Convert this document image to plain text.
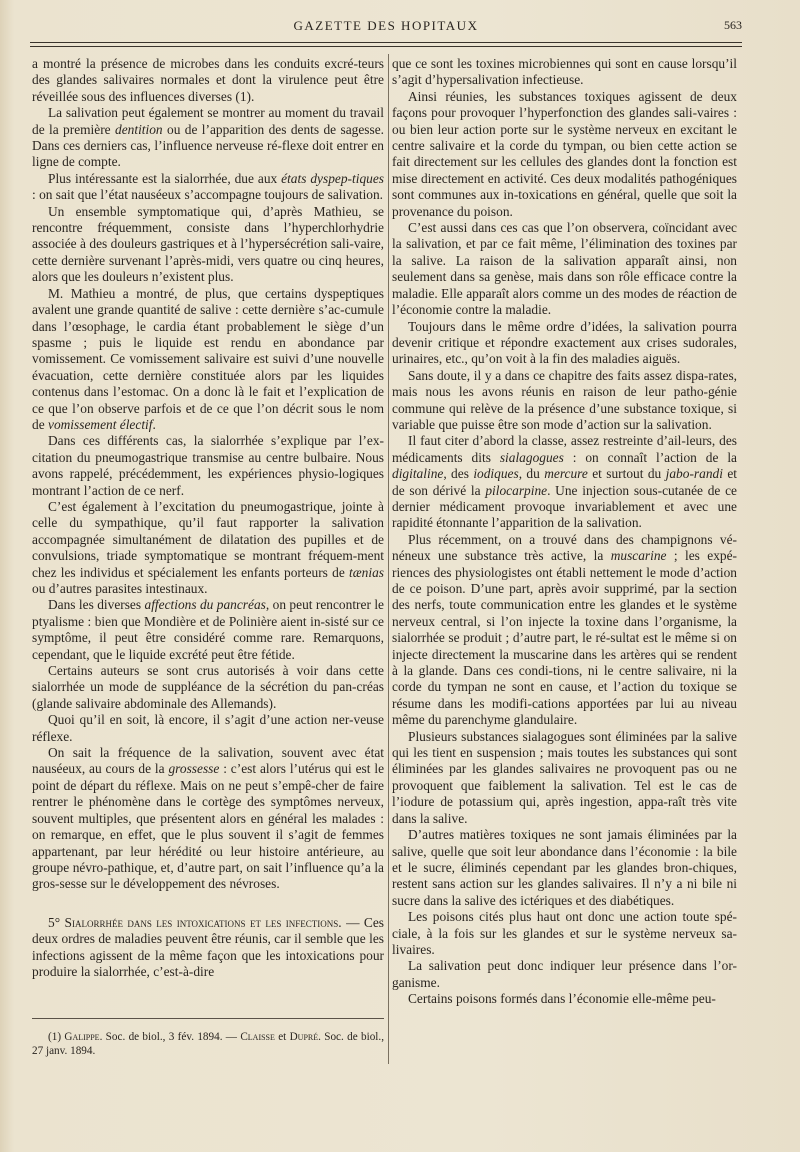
GAZETTE DES HOPITAUX	563

a montré la présence de microbes dans les conduits excré-teurs des glandes salivaires normales et dont la virulence peut être réveillée sous des influences diverses (1).

La salivation peut également se montrer au moment du travail de la première dentition ou de l’apparition des dents de sagesse. Dans ces derniers cas, l’influence nerveuse ré-flexe doit entrer en ligne de compte.

Plus intéressante est la sialorrhée, due aux états dyspep-tiques : on sait que l’état nauséeux s’accompagne toujours de salivation.

Un ensemble symptomatique qui, d’après Mathieu, se rencontre fréquemment, consiste dans l’hyperchlorhydrie associée à des douleurs gastriques et à l’hypersécrétion sali-vaire, cette dernière survenant l’après-midi, vers quatre ou cinq heures, alors que les douleurs n’existent plus.

M. Mathieu a montré, de plus, que certains dyspeptiques avalent une grande quantité de salive : cette dernière s’ac-cumule dans l’œsophage, le cardia étant probablement le siège d’un spasme ; puis le liquide est rendu en abondance par vomissement. Ce vomissement salivaire est suivi d’une nouvelle évacuation, cette dernière constituée alors par les liquides contenus dans l’estomac. On a donc là le fait et l’explication de ce que l’on observe parfois et de ce que l’on décrit sous le nom de vomissement électif.

Dans ces différents cas, la sialorrhée s’explique par l’ex-citation du pneumogastrique transmise au centre bulbaire. Nous avons rappelé, précédemment, les expériences physio-logiques montrant l’action de ce nerf.

C’est également à l’excitation du pneumogastrique, jointe à celle du sympathique, qu’il faut rapporter la salivation accompagnée simultanément de dilatation des pupilles et de convulsions, triade symptomatique se montrant fréquem-ment chez les individus et spécialement les enfants porteurs de tænias ou d’autres parasites intestinaux.

Dans les diverses affections du pancréas, on peut rencontrer le ptyalisme : bien que Mondière et de Polinière aient in-sisté sur ce symptôme, il peut être considéré comme rare. Remarquons, cependant, que le liquide excrété peut être fétide.

Certains auteurs se sont crus autorisés à voir dans cette sialorrhée un mode de suppléance de la sécrétion du pan-créas (glande salivaire abdominale des Allemands).

Quoi qu’il en soit, là encore, il s’agit d’une action ner-veuse réflexe.

On sait la fréquence de la salivation, souvent avec état nauséeux, au cours de la grossesse : c’est alors l’utérus qui est le point de départ du réflexe. Mais on ne peut s’empê-cher de faire rentrer le phénomène dans le cortège des symptômes nerveux, souvent multiples, que présentent alors en général les malades : on remarque, en effet, que le plus souvent il s’agit de femmes appartenant, par leur hérédité ou leur histoire antérieure, au groupe névro-pathique, et, d’autre part, on sait l’influence qu’a la gros-sesse sur le développement des névroses.

5° Sialorrhée dans les intoxications et les infections. — Ces deux ordres de maladies peuvent être réunis, car il semble que les infections agissent de la même façon que les intoxications pour produire la sialorrhée, c’est-à-dire

(1) Galippe. Soc. de biol., 3 fév. 1894. — Claisse et Dupré. Soc. de biol., 27 janv. 1894.

que ce sont les toxines microbiennes qui sont en cause lorsqu’il s’agit d’hypersalivation infectieuse.

Ainsi réunies, les substances toxiques agissent de deux façons pour provoquer l’hyperfonction des glandes sali-vaires : ou bien leur action porte sur le système nerveux en excitant le centre salivaire et la corde du tympan, ou bien cette action se fait directement sur les cellules des glandes dont la fonction est mise directement en activité. Ces deux modalités pathogéniques sont communes aux in-toxications en général, quelle que soit la provenance du poison.

C’est aussi dans ces cas que l’on observera, coïncidant avec la salivation, et par ce fait même, l’élimination des toxines par la salive. La raison de la salivation apparaît ainsi, non seulement dans sa genèse, mais dans son rôle efficace contre la maladie. Elle apparaît alors comme un des modes de réaction de l’économie contre la maladie.

Toujours dans le même ordre d’idées, la salivation pourra devenir critique et répondre exactement aux crises sudorales, urinaires, etc., qu’on voit à la fin des maladies aiguës.

Sans doute, il y a dans ce chapitre des faits assez dispa-rates, mais nous les avons réunis en raison de leur patho-génie commune qui relève de la présence d’une substance toxique, si variable que puisse être son mode d’action sur la salivation.

Il faut citer d’abord la classe, assez restreinte d’ail-leurs, des médicaments dits sialagogues : on connaît l’action de la digitaline, des iodiques, du mercure et surtout du jabo-randi et de son dérivé la pilocarpine. Une injection sous-cutanée de ce dernier médicament provoque invariablement et avec une rapidité étonnante l’apparition de la salivation.

Plus récemment, on a trouvé dans des champignons vé-néneux une substance très active, la muscarine ; les expé-riences des physiologistes ont établi nettement le mode d’action de ce poison. D’une part, après avoir supprimé, par la section des nerfs, toute communication entre les glandes et le système nerveux central, si l’on injecte la toxine dans l’organisme, la sialorrhée se produit ; d’autre part, le ré-sultat est le même si on injecte directement la muscarine dans les artères qui se rendent à la glande. Dans ces condi-tions, ni le centre salivaire, ni la corde du tympan ne sont en cause, et l’action du toxique se résume dans les modifi-cations apportées par lui au niveau même du parenchyme glandulaire.

Plusieurs substances sialagogues sont éliminées par la salive qui les tient en suspension ; mais toutes les substances qui sont éliminées par les glandes salivaires ne provoquent pas ou ne provoquent que faiblement la salivation. Tel est le cas de l’iodure de potassium qui, après ingestion, appa-raît très vite dans la salive.

D’autres matières toxiques ne sont jamais éliminées par la salive, quelle que soit leur abondance dans l’économie : la bile et le sucre, éliminés cependant par les glandes bron-chiques, restent sans action sur les glandes salivaires. Il n’y a ni bile ni sucre dans la salive des ictériques et des diabétiques.

Les poisons cités plus haut ont donc une action toute spé-ciale, à la fois sur les glandes et sur le système nerveux sa-livaires.

La salivation peut donc indiquer leur présence dans l’or-ganisme.

Certains poisons formés dans l’économie elle-même peu-
